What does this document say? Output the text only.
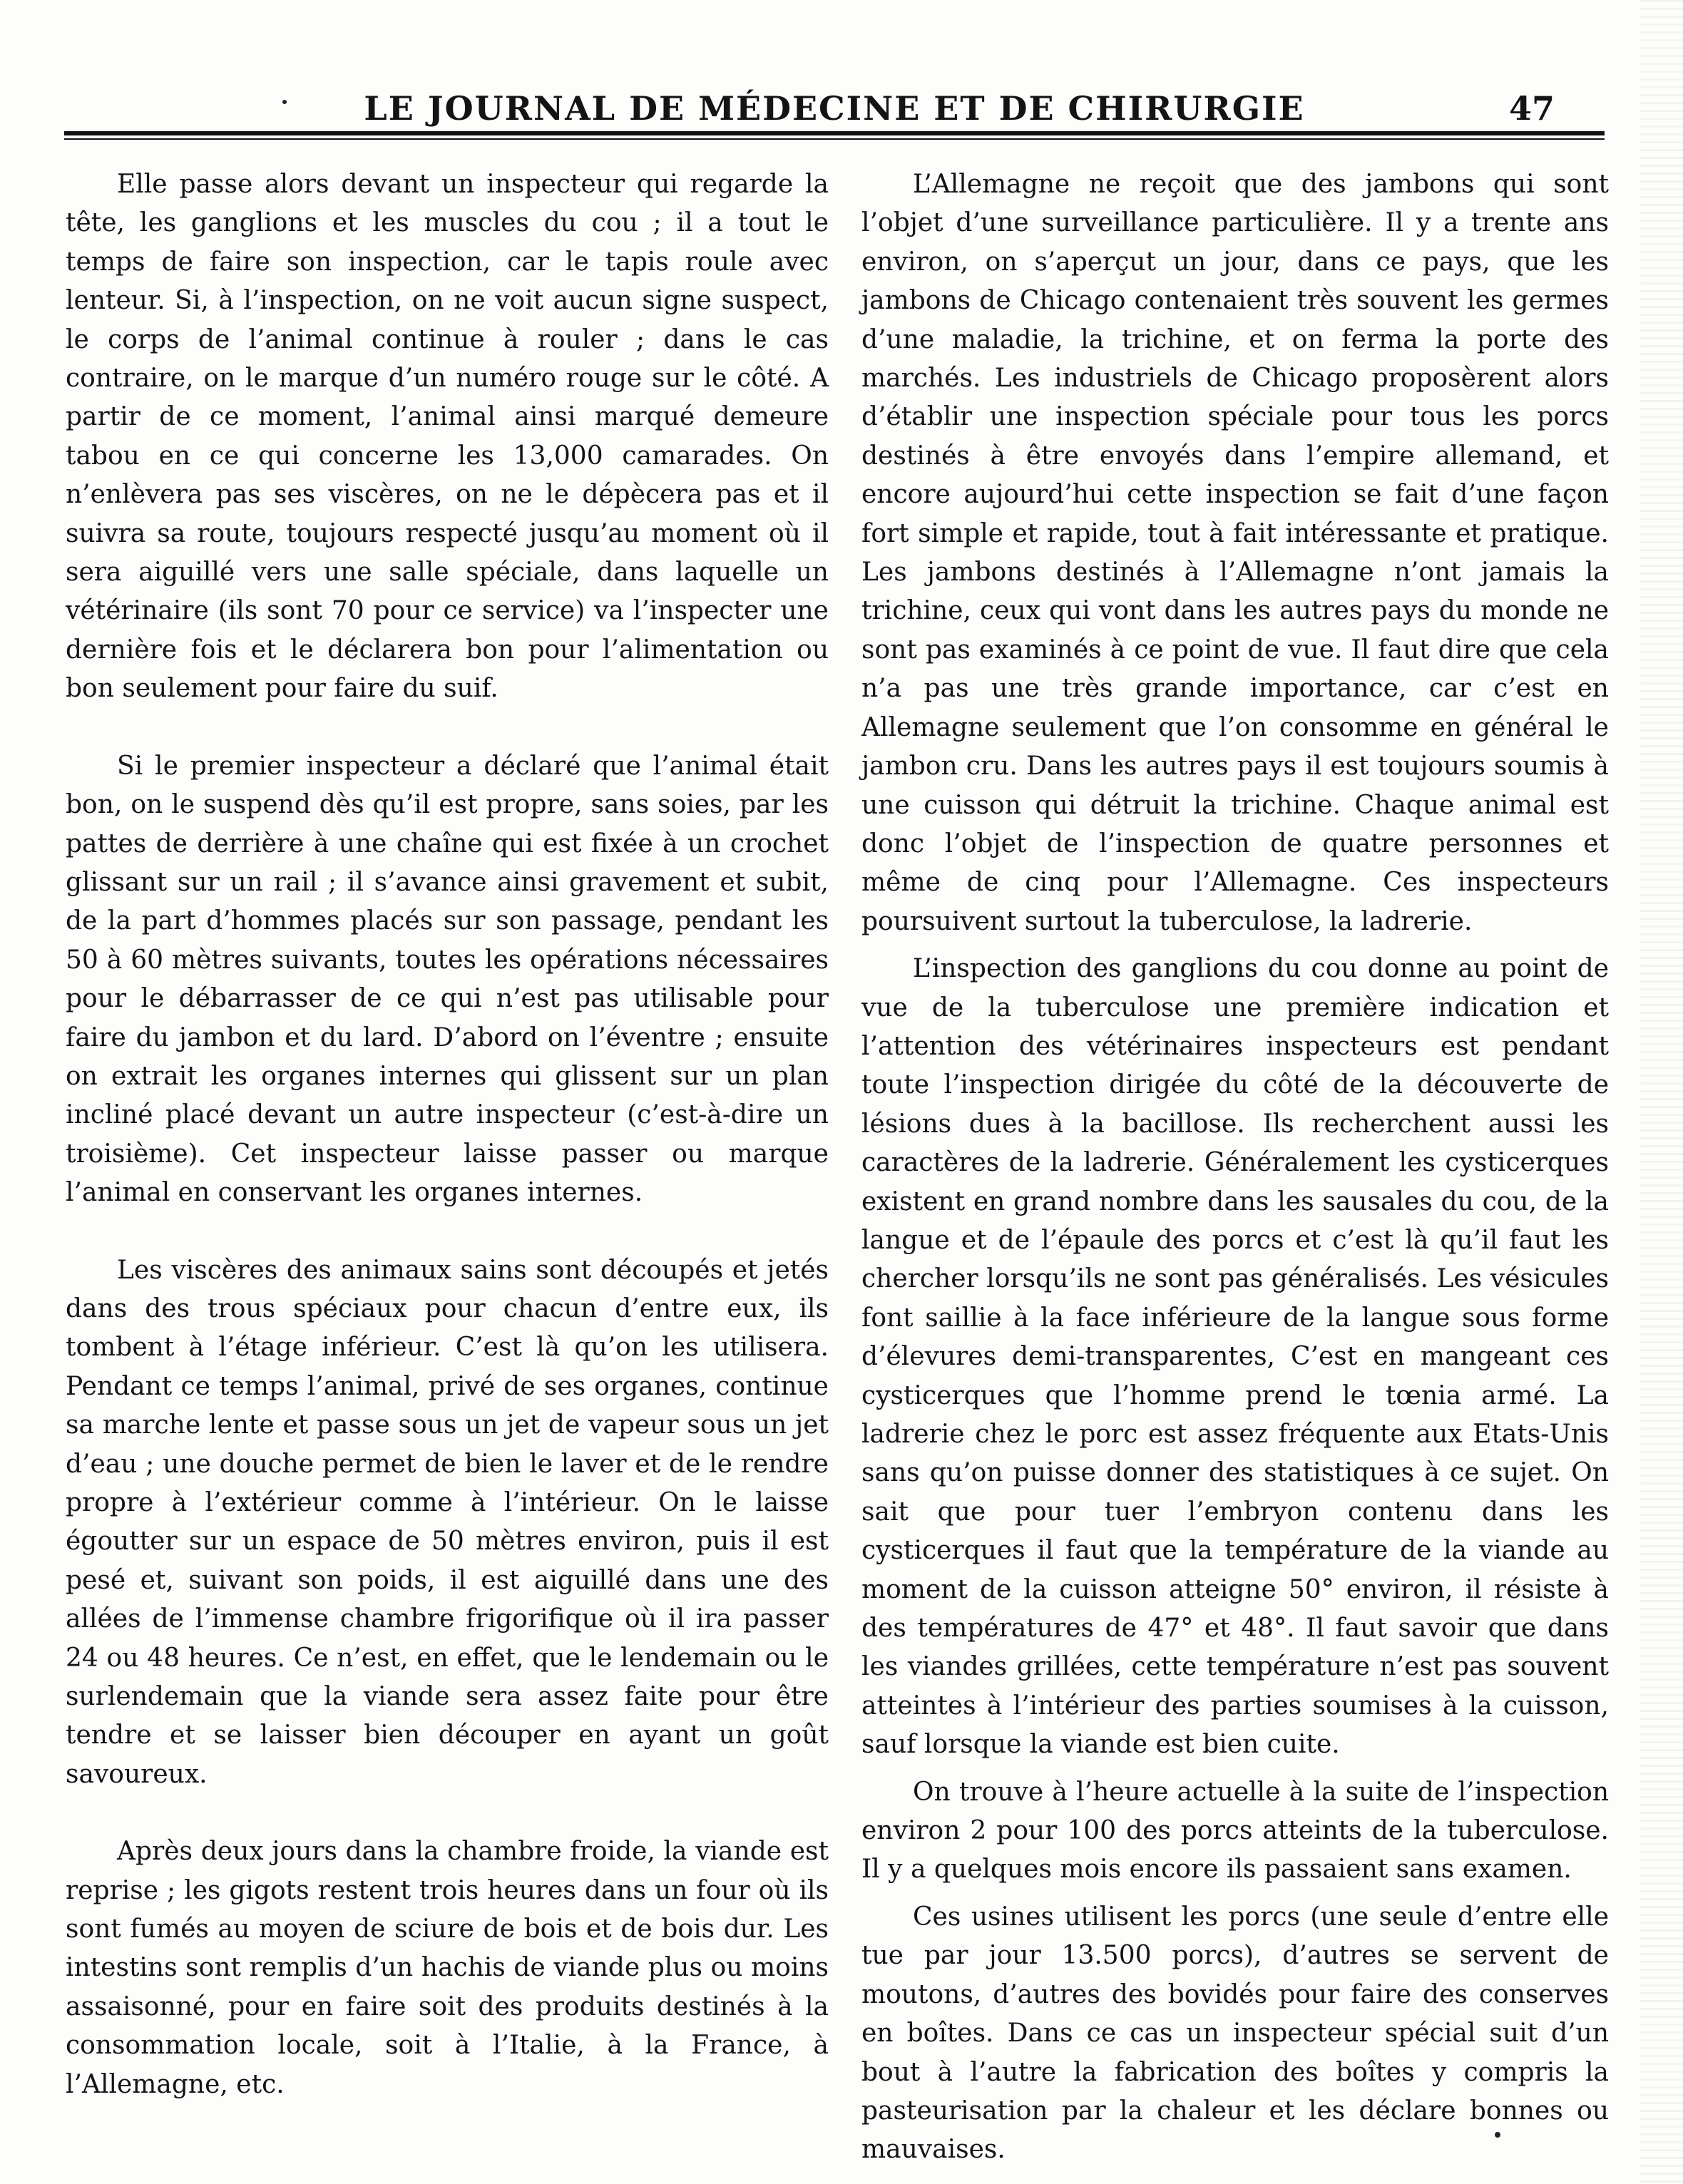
LE JOURNAL DE MÉDECINE ET DE CHIRURGIE	47

Elle passe alors devant un inspecteur qui regarde la tête, les ganglions et les muscles du cou ; il a tout le temps de faire son inspection, car le tapis roule avec lenteur. Si, à l’inspection, on ne voit aucun signe suspect, le corps de l’animal continue à rouler ; dans le cas contraire, on le marque d’un numéro rouge sur le côté. A partir de ce moment, l’animal ainsi marqué demeure tabou en ce qui concerne les 13,000 camarades. On n’enlèvera pas ses viscères, on ne le dépècera pas et il suivra sa route, toujours respecté jusqu’au moment où il sera aiguillé vers une salle spéciale, dans laquelle un vétérinaire (ils sont 70 pour ce service) va l’inspecter une dernière fois et le déclarera bon pour l’alimentation ou bon seulement pour faire du suif.

Si le premier inspecteur a déclaré que l’animal était bon, on le suspend dès qu’il est propre, sans soies, par les pattes de derrière à une chaîne qui est fixée à un crochet glissant sur un rail ; il s’avance ainsi gravement et subit, de la part d’hommes placés sur son passage, pendant les 50 à 60 mètres suivants, toutes les opérations nécessaires pour le débarrasser de ce qui n’est pas utilisable pour faire du jambon et du lard. D’abord on l’éventre ; ensuite on extrait les organes internes qui glissent sur un plan incliné placé devant un autre inspecteur (c’est-à-dire un troisième). Cet inspecteur laisse passer ou marque l’animal en conservant les organes internes.

Les viscères des animaux sains sont découpés et jetés dans des trous spéciaux pour chacun d’entre eux, ils tombent à l’étage inférieur. C’est là qu’on les utilisera. Pendant ce temps l’animal, privé de ses organes, continue sa marche lente et passe sous un jet de vapeur sous un jet d’eau ; une douche permet de bien le laver et de le rendre propre à l’extérieur comme à l’intérieur. On le laisse égoutter sur un espace de 50 mètres environ, puis il est pesé et, suivant son poids, il est aiguillé dans une des allées de l’immense chambre frigorifique où il ira passer 24 ou 48 heures. Ce n’est, en effet, que le lendemain ou le surlendemain que la viande sera assez faite pour être tendre et se laisser bien découper en ayant un goût savoureux.

Après deux jours dans la chambre froide, la viande est reprise ; les gigots restent trois heures dans un four où ils sont fumés au moyen de sciure de bois et de bois dur. Les intestins sont remplis d’un hachis de viande plus ou moins assaisonné, pour en faire soit des produits destinés à la consommation locale, soit à l’Italie, à la France, à l’Allemagne, etc.

L’Allemagne ne reçoit que des jambons qui sont l’objet d’une surveillance particulière. Il y a trente ans environ, on s’aperçut un jour, dans ce pays, que les jambons de Chicago contenaient très souvent les germes d’une maladie, la trichine, et on ferma la porte des marchés. Les industriels de Chicago proposèrent alors d’établir une inspection spéciale pour tous les porcs destinés à être envoyés dans l’empire allemand, et encore aujourd’hui cette inspection se fait d’une façon fort simple et rapide, tout à fait intéressante et pratique. Les jambons destinés à l’Allemagne n’ont jamais la trichine, ceux qui vont dans les autres pays du monde ne sont pas examinés à ce point de vue. Il faut dire que cela n’a pas une très grande importance, car c’est en Allemagne seulement que l’on consomme en général le jambon cru. Dans les autres pays il est toujours soumis à une cuisson qui détruit la trichine. Chaque animal est donc l’objet de l’inspection de quatre personnes et même de cinq pour l’Allemagne. Ces inspecteurs poursuivent surtout la tuberculose, la ladrerie.

L’inspection des ganglions du cou donne au point de vue de la tuberculose une première indication et l’attention des vétérinaires inspecteurs est pendant toute l’inspection dirigée du côté de la découverte de lésions dues à la bacillose. Ils recherchent aussi les caractères de la ladrerie. Généralement les cysticerques existent en grand nombre dans les sausales du cou, de la langue et de l’épaule des porcs et c’est là qu’il faut les chercher lorsqu’ils ne sont pas généralisés. Les vésicules font saillie à la face inférieure de la langue sous forme d’élevures demi-transparentes, C’est en mangeant ces cysticerques que l’homme prend le tœnia armé. La ladrerie chez le porc est assez fréquente aux Etats-Unis sans qu’on puisse donner des statistiques à ce sujet. On sait que pour tuer l’embryon contenu dans les cysticerques il faut que la température de la viande au moment de la cuisson atteigne 50° environ, il résiste à des températures de 47° et 48°. Il faut savoir que dans les viandes grillées, cette température n’est pas souvent atteintes à l’intérieur des parties soumises à la cuisson, sauf lorsque la viande est bien cuite.

On trouve à l’heure actuelle à la suite de l’inspection environ 2 pour 100 des porcs atteints de la tuberculose. Il y a quelques mois encore ils passaient sans examen.

Ces usines utilisent les porcs (une seule d’entre elle tue par jour 13.500 porcs), d’autres se servent de moutons, d’autres des bovidés pour faire des conserves en boîtes. Dans ce cas un inspecteur spécial suit d’un bout à l’autre la fabrication des boîtes y compris la pasteurisation par la chaleur et les déclare bonnes ou mauvaises.
